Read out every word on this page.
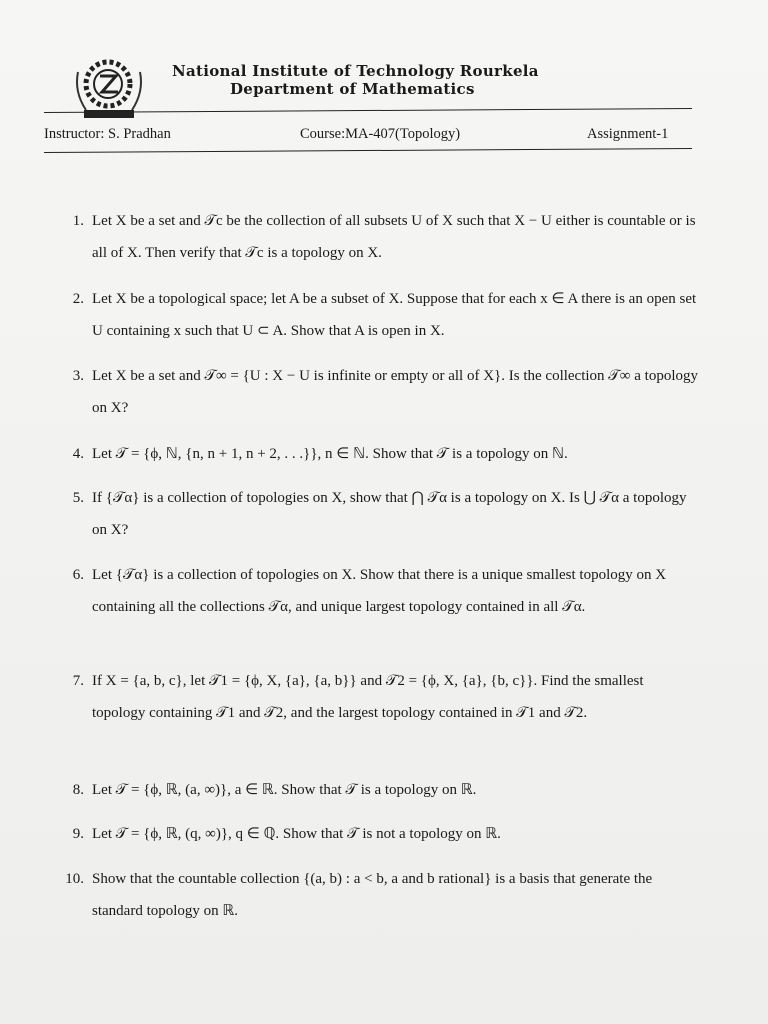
National Institute of Technology Rourkela
Department of Mathematics
Instructor: S. Pradhan	Course:MA-407(Topology)	Assignment-1
1. Let X be a set and 𝒯c be the collection of all subsets U of X such that X − U either is countable or is all of X. Then verify that 𝒯c is a topology on X.
2. Let X be a topological space; let A be a subset of X. Suppose that for each x ∈ A there is an open set U containing x such that U ⊂ A. Show that A is open in X.
3. Let X be a set and 𝒯∞ = {U : X − U is infinite or empty or all of X}. Is the collection 𝒯∞ a topology on X?
4. Let 𝒯 = {ϕ, ℕ, {n, n + 1, n + 2, . . .}}, n ∈ ℕ. Show that 𝒯 is a topology on ℕ.
5. If {𝒯α} is a collection of topologies on X, show that ⋂ 𝒯α is a topology on X. Is ⋃ 𝒯α a topology on X?
6. Let {𝒯α} is a collection of topologies on X. Show that there is a unique smallest topology on X containing all the collections 𝒯α, and unique largest topology contained in all 𝒯α.
7. If X = {a, b, c}, let 𝒯1 = {ϕ, X, {a}, {a, b}} and 𝒯2 = {ϕ, X, {a}, {b, c}}. Find the smallest topology containing 𝒯1 and 𝒯2, and the largest topology contained in 𝒯1 and 𝒯2.
8. Let 𝒯 = {ϕ, ℝ, (a, ∞)}, a ∈ ℝ. Show that 𝒯 is a topology on ℝ.
9. Let 𝒯 = {ϕ, ℝ, (q, ∞)}, q ∈ ℚ. Show that 𝒯 is not a topology on ℝ.
10. Show that the countable collection {(a, b) : a < b, a and b rational} is a basis that generate the standard topology on ℝ.
